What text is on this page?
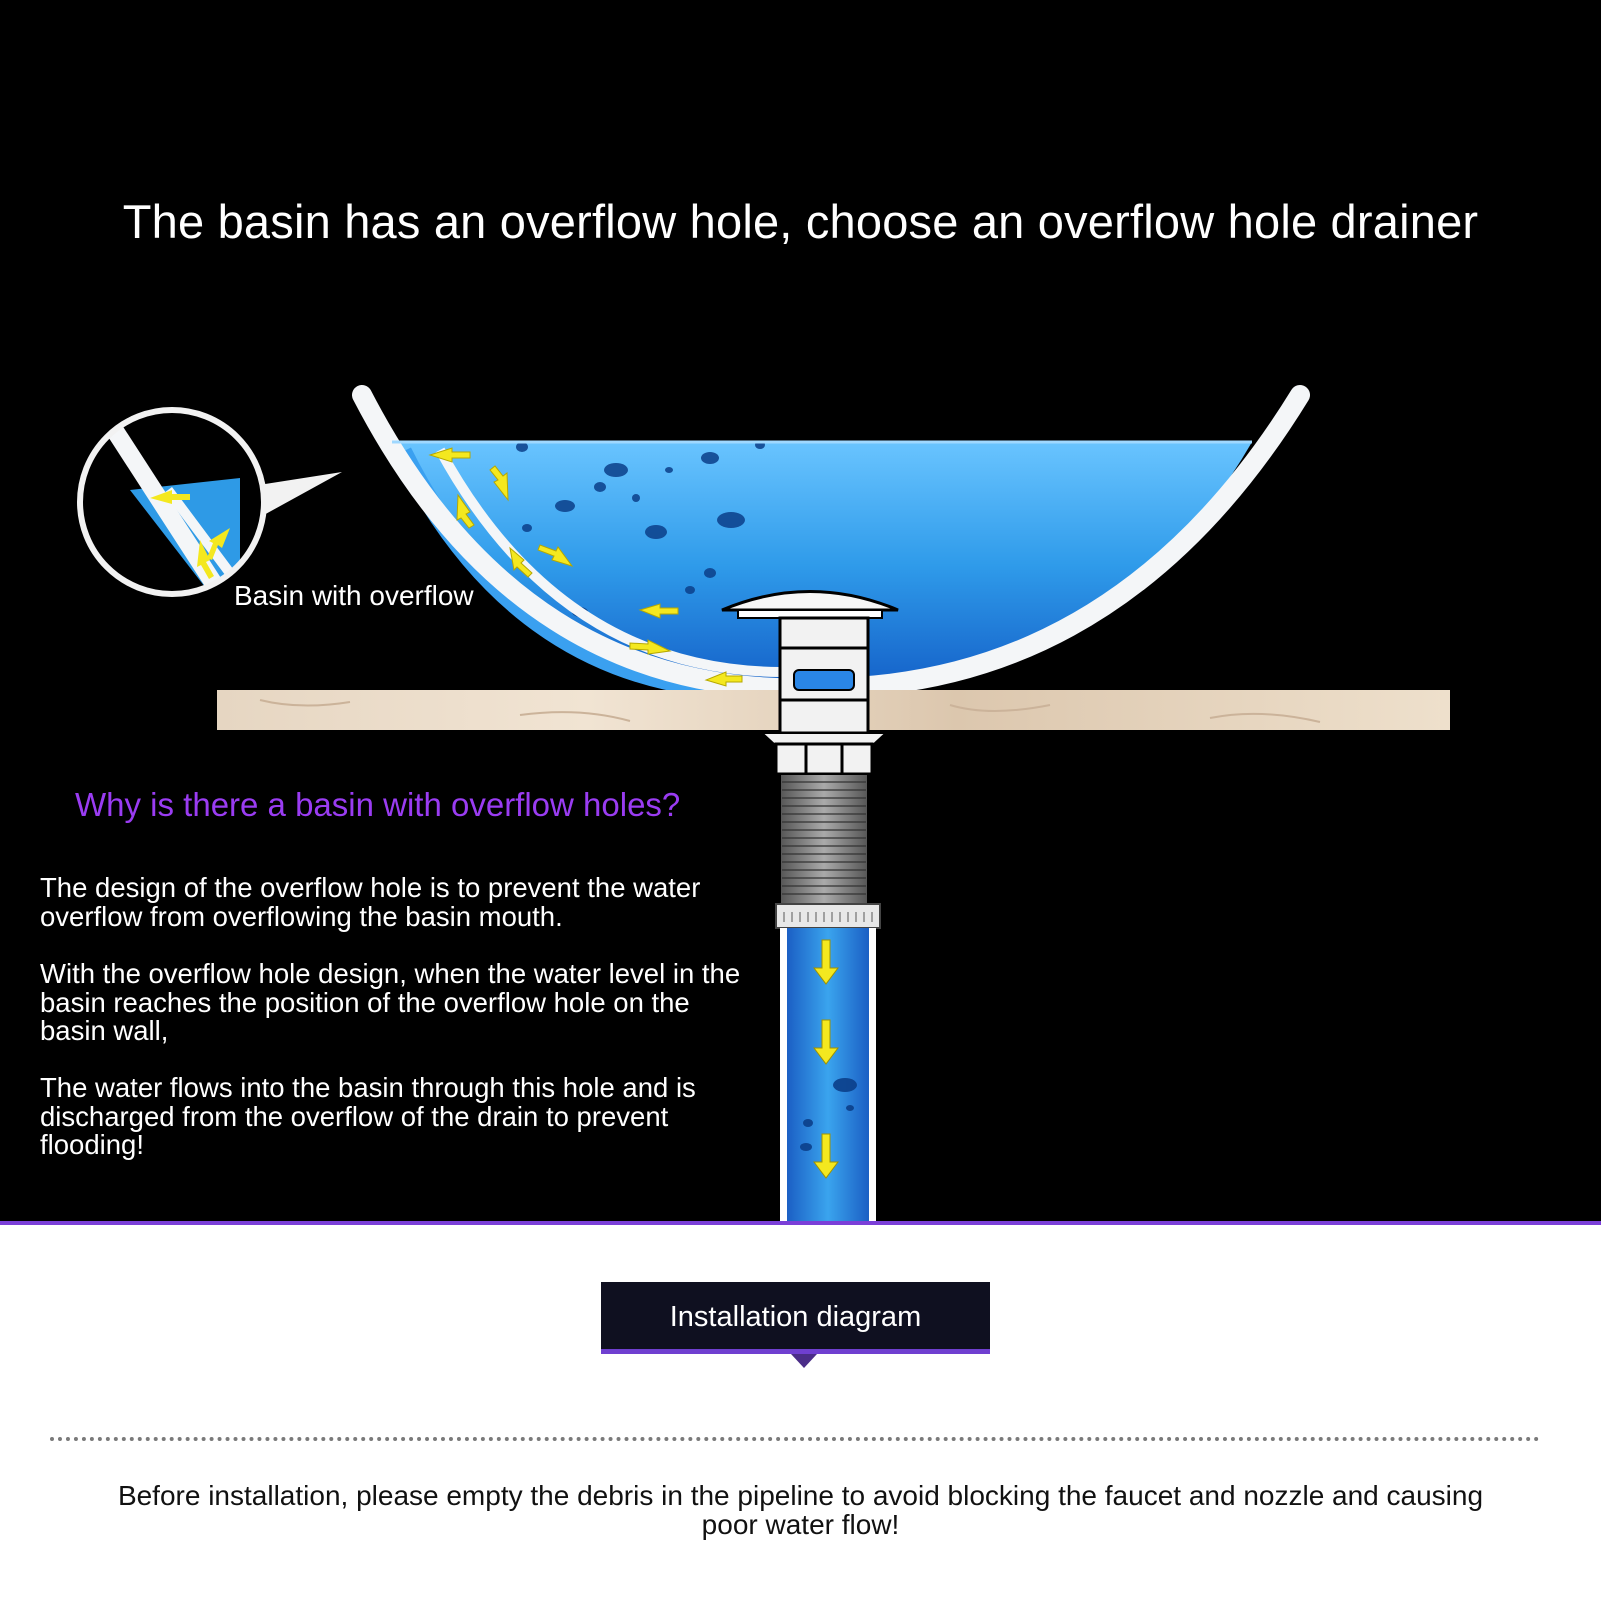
The basin has an overflow hole, choose an overflow hole drainer
Basin with overflow
Why is there a basin with overflow holes?

The design of the overflow hole is to prevent the water overflow from overflowing the basin mouth.

With the overflow hole design, when the water level in the basin reaches the position of the overflow hole on the basin wall,

The water flows into the basin through this hole and is discharged from the overflow of the drain to prevent flooding!

Installation diagram

Before installation, please empty the debris in the pipeline to avoid blocking the faucet and nozzle and causing poor water flow!
